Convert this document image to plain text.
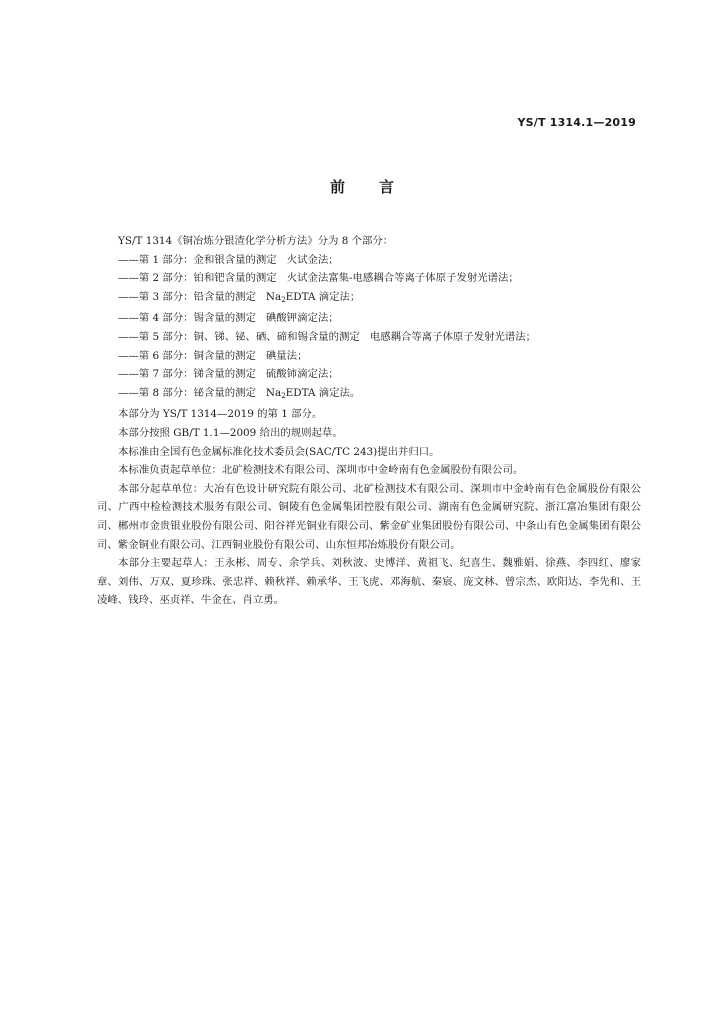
YS/T 1314.1—2019
前言
YS/T 1314《铜冶炼分银渣化学分析方法》分为 8 个部分：
——第 1 部分：金和银含量的测定 火试金法；
——第 2 部分：铂和钯含量的测定 火试金法富集-电感耦合等离子体原子发射光谱法；
——第 3 部分：铅含量的测定 $Na_2EDTA$ 滴定法；
——第 4 部分：锡含量的测定 碘酸钾滴定法；
——第 5 部分：铜、锑、铋、硒、碲和锡含量的测定 电感耦合等离子体原子发射光谱法；
——第 6 部分：铜含量的测定 碘量法；
——第 7 部分：锑含量的测定 硫酸铈滴定法；
——第 8 部分：铋含量的测定 $Na_2EDTA$ 滴定法。
本部分为 YS/T 1314—2019 的第 1 部分。
本部分按照 GB/T 1.1—2009 给出的规则起草。
本标准由全国有色金属标准化技术委员会(SAC/TC 243)提出并归口。
本标准负责起草单位：北矿检测技术有限公司、深圳市中金岭南有色金属股份有限公司。
本部分起草单位：大冶有色设计研究院有限公司、北矿检测技术有限公司、深圳市中金岭南有色金属股份有限公司、广西中检检测技术服务有限公司、铜陵有色金属集团控股有限公司、湖南有色金属研究院、浙江富冶集团有限公司、郴州市金贵银业股份有限公司、阳谷祥光铜业有限公司、紫金矿业集团股份有限公司、中条山有色金属集团有限公司、紫金铜业有限公司、江西铜业股份有限公司、山东恒邦冶炼股份有限公司。
本部分主要起草人：王永彬、周专、余学兵、刘秋波、史博洋、黄祖飞、纪喜生、魏雅娟、徐燕、李四红、廖家章、刘伟、万双、夏珍珠、张忠祥、赖秋祥、赖承华、王飞虎、邓海航、秦宸、庞文林、曾宗杰、欧阳达、李先和、王凌峰、钱玲、巫贞祥、牛金在、肖立勇。
